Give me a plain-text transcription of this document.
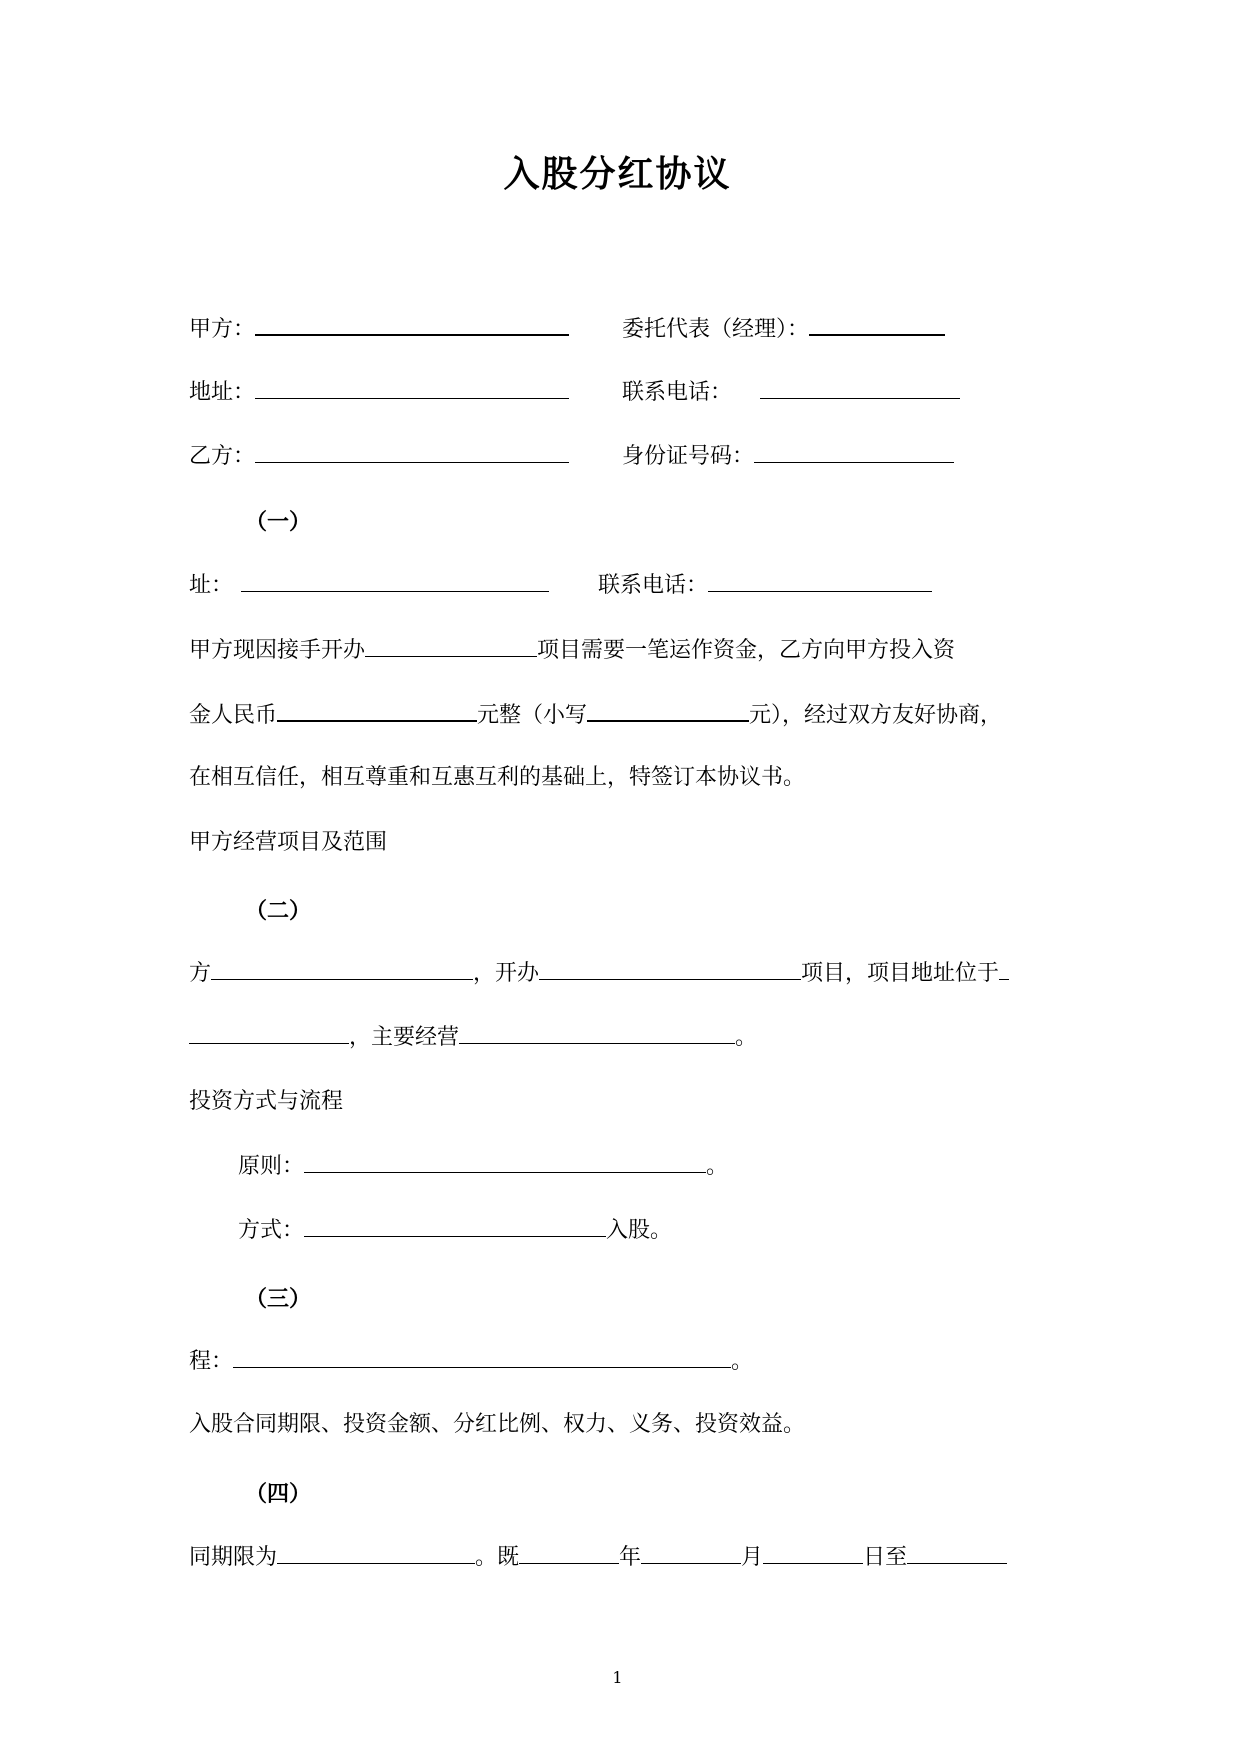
入股分红协议
甲方：	委托代表（经理）：
地址：	联系电话：
乙方：	身份证号码：
（一）
址：	联系电话：
甲方现因接手开办	项目需要一笔运作资金，乙方向甲方投入资
金人民币	元整（小写	元），经过双方友好协商，
在相互信任，相互尊重和互惠互利的基础上，特签订本协议书。
甲方经营项目及范围
（二）
方	，开办	项目，项目地址位于
，主要经营	。
投资方式与流程
原则：	。
方式：	入股。
（三）
程：	。
入股合同期限、投资金额、分红比例、权力、义务、投资效益。
（四）
同期限为	。既	年	月	日至
1
